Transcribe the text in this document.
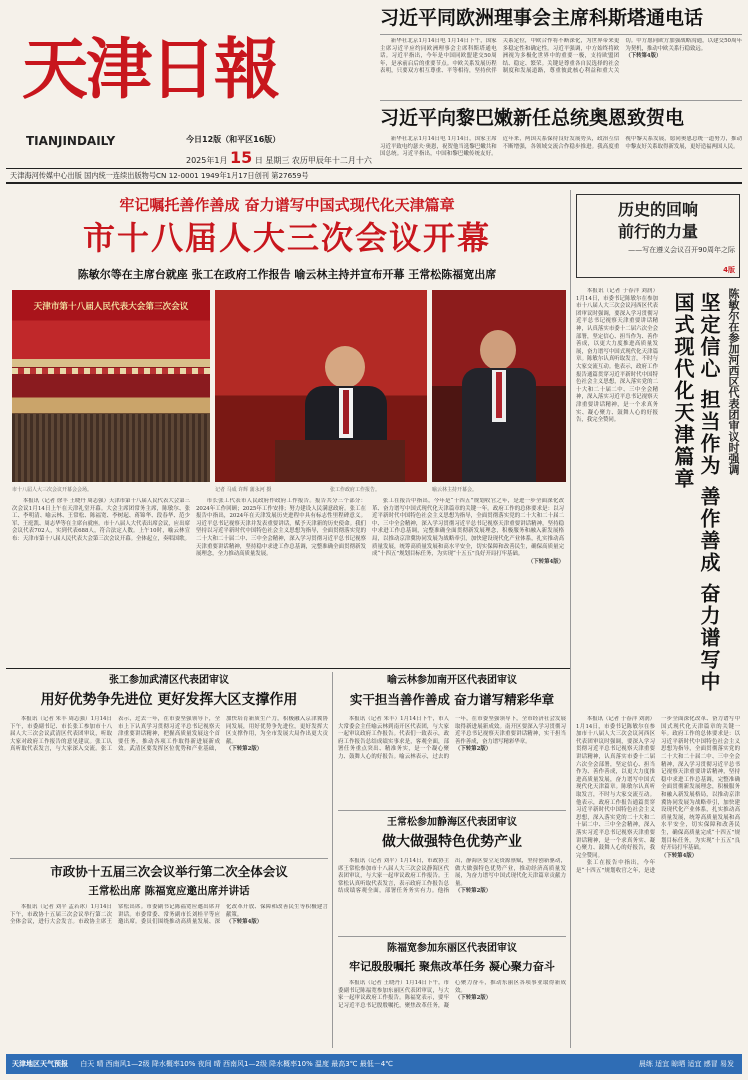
天津日報
TIANJINDAILY	今日12版（和平区16版）
2025年1月 15 日 星期三 农历甲辰年十二月十六
天津海河传媒中心出版 国内统一连续出版物号CN 12-0001 1949年1月17日创刊 第27659号
习近平同欧洲理事会主席科斯塔通电话

新华社北京1月14日电 1月14日下午，国家主席习近平应约同欧洲理事会主席科斯塔通电话。习近平指出，今年是中国同欧盟建交50周年，是承前启后的重要节点。中欧关系发展历程表明，只要双方相互尊重、平等相待，坚持伙伴关系定位，中欧合作将不断深化，为世界带来更多稳定性和确定性。习近平强调，中方始终将欧洲视为多极化世界中的重要一极，支持欧盟团结、稳定、繁荣。关键是尊重各自民选择的社会制度和发展道路，尊重彼此核心利益和重大关切。中方愿同欧方加强战略沟通，以建交50周年为契机，推动中欧关系行稳致远。

（下转第4版）
习近平向黎巴嫩新任总统奥恩致贺电

新华社北京1月14日电 1月14日，国家主席习近平致电约瑟夫·奥恩，祝贺他当选黎巴嫩共和国总统。习近平指出，中国和黎巴嫩传统友好。近年来，两国关系保持良好发展势头，政治互信不断增强，各领域交流合作稳步推进。我高度重视中黎关系发展，愿同奥恩总统一道努力，推动中黎友好关系取得新发展，更好造福两国人民。

牢记嘱托善作善成 奋力谱写中国式现代化天津篇章
市十八届人大三次会议开幕
陈敏尔等在主席台就座 张工在政府工作报告 喻云林主持并宣布开幕 王常松陈福宽出席
天津市第十八届人民代表大会第三次会议
市十八届人大三次会议开幕会会场。	记者 马成 许辉 蒲永河 摄	张工作政府工作报告。	喻云林主持开幕会。

本报讯（记者 徐丰 王晓丹 周志强）天津市第十八届人民代表大会第三次会议1月14日上午在天津礼堂开幕。大会主席团常务主席，陈敏尔、张工、李明清、喻云林、王常松、陈福宽、李树起、蒋锦华、段春华、范少军、王庭凯、周志华等在主席台就座。市十八届人大代表出席会议，应出席会议代表702人，实到代表688人，符合法定人数。上午10时，喻云林宣布：天津市第十八届人民代表大会第三次会议开幕。全体起立，奏唱国歌。

市长张工代表市人民政府作政府工作报告。报告共分三个部分：2024年工作回顾；2025年工作安排；努力建设人民满意政府。张工在报告中指出，2024年在天津发展历史进程中具有标志性里程碑意义。习近平总书记视察天津并发表重要讲话，赋予天津新的历史使命。我们坚持以习近平新时代中国特色社会主义思想为指导，全面贯彻落实党的二十大和二十届二中、三中全会精神，深入学习贯彻习近平总书记视察天津重要讲话精神，坚持稳中求进工作总基调，完整准确全面贯彻新发展理念，全力推动高质量发展。

张工在报告中指出，今年是“十四五”规划收官之年，是进一步全面深化改革、奋力谱写中国式现代化天津篇章的关键一年。政府工作的总体要求是：以习近平新时代中国特色社会主义思想为指导，全面贯彻落实党的二十大和二十届二中、三中全会精神，深入学习贯彻习近平总书记视察天津重要讲话精神，坚持稳中求进工作总基调，完整准确全面贯彻新发展理念，积极服务和融入新发展格局，以推动京津冀协同发展为战略牵引，加快建设现代化产业体系，扎实推动高质量发展，统筹高质量发展和高水平安全，切实保障和改善民生，确保高质量完成“十四五”规划目标任务，为实现“十五五”良好开局打牢基础。

（下转第4版）
历史的回响
前行的力量
——写在遵义会议召开90周年之际
4版
陈敏尔在参加河西区代表团审议时强调
坚定信心 担当作为 善作善成 奋力谱写中国式现代化天津篇章

本报讯（记者 于春洋 刘润）1月14日，市委书记陈敏尔在参加市十八届人大三次会议河西区代表团审议时强调，要深入学习贯彻习近平总书记视察天津重要讲话精神，认真落实市委十二届六次全会部署，坚定信心、担当作为、善作善成，以更大力度推进高质量发展，奋力谱写中国式现代化天津篇章。陈敏尔认真听取发言，不时与大家交流互动。他表示，政府工作报告通篇贯穿习近平新时代中国特色社会主义思想，深入落实党的二十大和二十届二中、三中全会精神，深入落实习近平总书记视察天津重要讲话精神，是一个求真务实、凝心聚力、鼓舞人心的好报告，我完全赞同。

本报讯（记者 于春洋 刘润）1月14日，市委书记陈敏尔在参加市十八届人大三次会议河西区代表团审议时强调，要深入学习贯彻习近平总书记视察天津重要讲话精神，认真落实市委十二届六次全会部署，坚定信心、担当作为、善作善成，以更大力度推进高质量发展，奋力谱写中国式现代化天津篇章。陈敏尔认真听取发言，不时与大家交流互动。他表示，政府工作报告通篇贯穿习近平新时代中国特色社会主义思想，深入落实党的二十大和二十届二中、三中全会精神，深入落实习近平总书记视察天津重要讲话精神，是一个求真务实、凝心聚力、鼓舞人心的好报告，我完全赞同。

张工在报告中指出，今年是“十四五”规划收官之年，是进一步全面深化改革、奋力谱写中国式现代化天津篇章的关键一年。政府工作的总体要求是：以习近平新时代中国特色社会主义思想为指导，全面贯彻落实党的二十大和二十届二中、三中全会精神，深入学习贯彻习近平总书记视察天津重要讲话精神，坚持稳中求进工作总基调，完整准确全面贯彻新发展理念，积极服务和融入新发展格局，以推动京津冀协同发展为战略牵引，加快建设现代化产业体系，扎实推动高质量发展，统筹高质量发展和高水平安全，切实保障和改善民生，确保高质量完成“十四五”规划目标任务，为实现“十五五”良好开局打牢基础。

（下转第4版）
张工参加武清区代表团审议
用好优势争先进位 更好发挥大区支撑作用

本报讯（记者 朱丰 周志强）1月14日下午，市委副书记、市长张工参加市十八届人大三次会议武清区代表团审议，听取大家对政府工作报告的意见建议。张工认真听取代表发言，与大家深入交流。张工表示，过去一年，在市委坚强领导下，全市上下认真学习贯彻习近平总书记视察天津重要讲话精神，把握高质量发展这个首要任务，推动各项工作取得新进展新成效。武清区要发挥区位优势和产业基础，加快培育新质生产力，积极融入京津冀协同发展，用好优势争先进位，更好发挥大区支撑作用，为全市发展大局作出更大贡献。

（下转第2版）
喻云林参加南开区代表团审议
实干担当善作善成 奋力谱写精彩华章

本报讯（记者 朱丰）1月14日下午，市人大常委会主任喻云林到南开区代表团，与大家一起审议政府工作报告。代表们一致表示，政府工作报告总结成绩实事求是，客观全面，部署任务重点突出、精准务实，是一个凝心聚力、鼓舞人心的好报告。喻云林表示，过去的一年，在市委坚强领导下，全市经济社会发展取得新进展新成效。南开区要深入学习贯彻习近平总书记视察天津重要讲话精神，实干担当善作善成，奋力谱写精彩华章。

（下转第2版）
王常松参加静海区代表团审议
做大做强特色优势产业

本报讯（记者 刘平）1月14日，市政协主席王常松参加市十八届人大三次会议静海区代表团审议，与大家一起审议政府工作报告。王常松认真听取代表发言，表示政府工作报告总结成绩客观全面，部署任务务实有力。他指出，静海区要立足资源禀赋，坚持创新驱动，做大做强特色优势产业，推动经济高质量发展，为奋力谱写中国式现代化天津篇章贡献力量。

（下转第2版）
陈福宽参加东丽区代表团审议
牢记殷殷嘱托 聚焦改革任务 凝心聚力奋斗

本报讯（记者 王晓丹）1月14日下午，市委副书记陈福宽参加东丽区代表团审议，与大家一起审议政府工作报告。陈福宽表示，要牢记习近平总书记殷殷嘱托，聚焦改革任务，凝心聚力奋斗，推动东丽区各项事业取得新成效。

（下转第2版）
市政协十五届三次会议举行第二次全体会议
王常松出席 陈福宽应邀出席并讲话

本报讯（记者 刘平 孟若冰）1月14日下午，市政协十五届三次会议举行第二次全体会议，进行大会发言。市政协主席王常松出席。市委副书记陈福宽应邀出席并讲话。市委常委、常务副市长刘桂平等应邀出席。委员们围绕推动高质量发展、深化改革开放、保障和改善民生等积极建言献策。

（下转第4版）
天津地区天气预报 白天 晴 西南风1—2级 降水概率10% 夜间 晴 西南风1—2级 降水概率10% 温度 最高3℃ 最低－4℃	晨练 适宜 晾晒 适宜 感冒 易发
